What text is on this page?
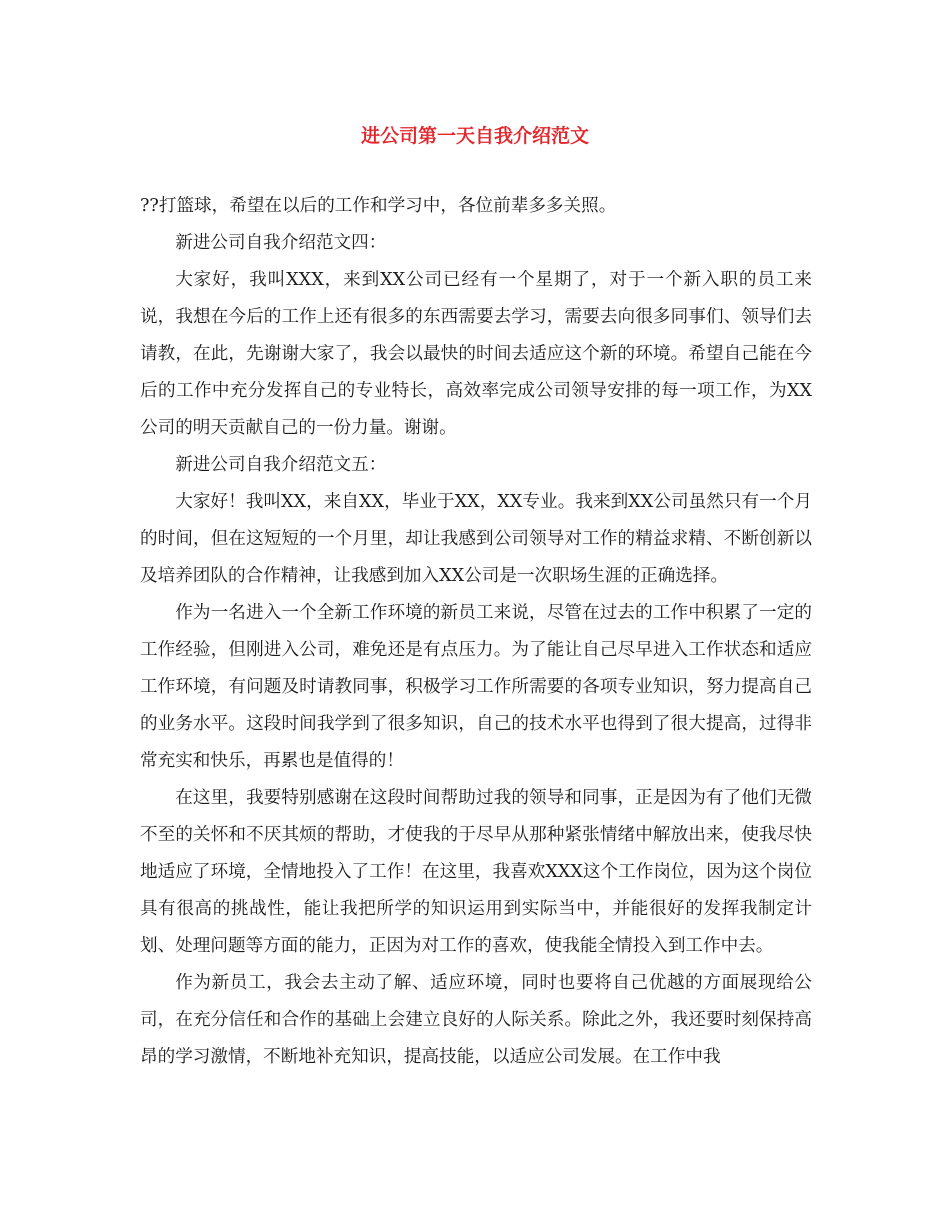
进公司第一天自我介绍范文

??打篮球，希望在以后的工作和学习中，各位前辈多多关照。

新进公司自我介绍范文四：

大家好，我叫XXX，来到XX公司已经有一个星期了，对于一个新入职的员工来说，我想在今后的工作上还有很多的东西需要去学习，需要去向很多同事们、领导们去请教，在此，先谢谢大家了，我会以最快的时间去适应这个新的环境。希望自己能在今后的工作中充分发挥自己的专业特长，高效率完成公司领导安排的每一项工作，为XX公司的明天贡献自己的一份力量。谢谢。

新进公司自我介绍范文五：

大家好！我叫XX，来自XX，毕业于XX，XX专业。我来到XX公司虽然只有一个月的时间，但在这短短的一个月里，却让我感到公司领导对工作的精益求精、不断创新以及培养团队的合作精神，让我感到加入XX公司是一次职场生涯的正确选择。

作为一名进入一个全新工作环境的新员工来说，尽管在过去的工作中积累了一定的工作经验，但刚进入公司，难免还是有点压力。为了能让自己尽早进入工作状态和适应工作环境，有问题及时请教同事，积极学习工作所需要的各项专业知识，努力提高自己的业务水平。这段时间我学到了很多知识，自己的技术水平也得到了很大提高，过得非常充实和快乐，再累也是值得的！

在这里，我要特别感谢在这段时间帮助过我的领导和同事，正是因为有了他们无微不至的关怀和不厌其烦的帮助，才使我的于尽早从那种紧张情绪中解放出来，使我尽快地适应了环境，全情地投入了工作！在这里，我喜欢XXX这个工作岗位，因为这个岗位具有很高的挑战性，能让我把所学的知识运用到实际当中，并能很好的发挥我制定计划、处理问题等方面的能力，正因为对工作的喜欢，使我能全情投入到工作中去。

作为新员工，我会去主动了解、适应环境，同时也要将自己优越的方面展现给公司，在充分信任和合作的基础上会建立良好的人际关系。除此之外，我还要时刻保持高昂的学习激情，不断地补充知识，提高技能，以适应公司发展。在工作中我
